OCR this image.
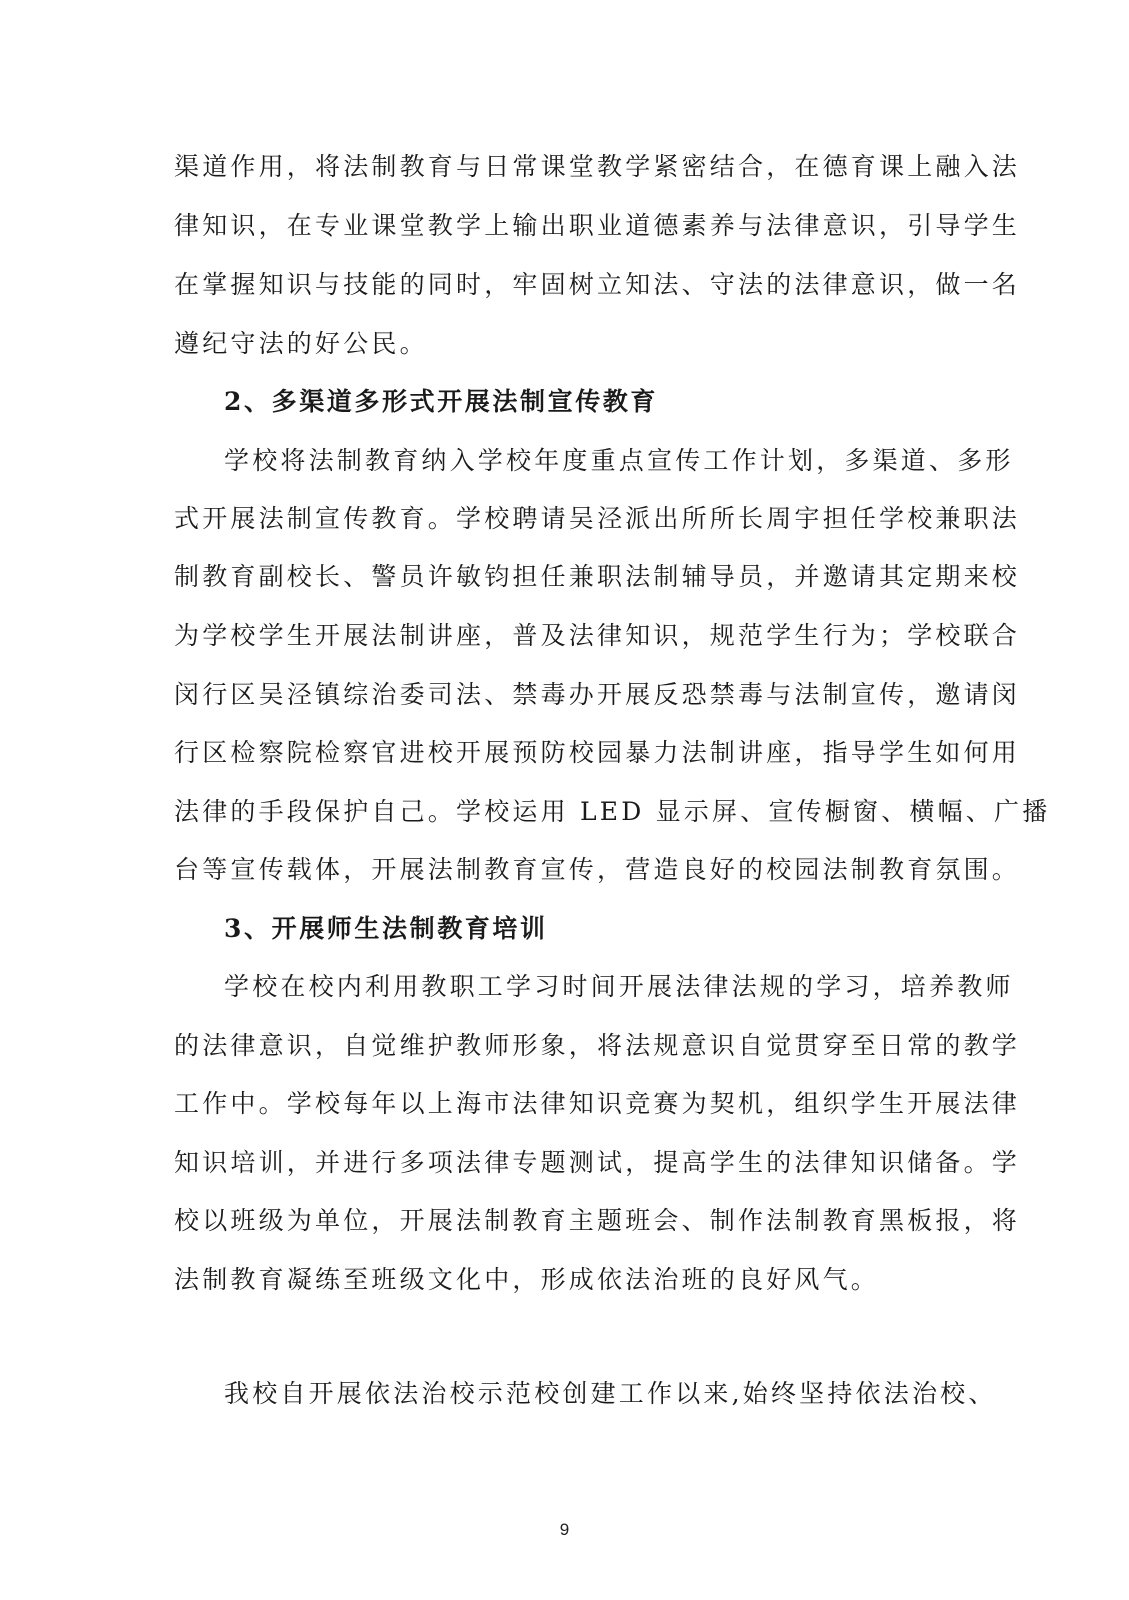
渠道作用，将法制教育与日常课堂教学紧密结合，在德育课上融入法
律知识，在专业课堂教学上输出职业道德素养与法律意识，引导学生
在掌握知识与技能的同时，牢固树立知法、守法的法律意识，做一名
遵纪守法的好公民。
2、多渠道多形式开展法制宣传教育
学校将法制教育纳入学校年度重点宣传工作计划，多渠道、多形
式开展法制宣传教育。学校聘请吴泾派出所所长周宇担任学校兼职法
制教育副校长、警员许敏钧担任兼职法制辅导员，并邀请其定期来校
为学校学生开展法制讲座，普及法律知识，规范学生行为；学校联合
闵行区吴泾镇综治委司法、禁毒办开展反恐禁毒与法制宣传，邀请闵
行区检察院检察官进校开展预防校园暴力法制讲座，指导学生如何用
法律的手段保护自己。学校运用 LED 显示屏、宣传橱窗、横幅、广播
台等宣传载体，开展法制教育宣传，营造良好的校园法制教育氛围。
3、开展师生法制教育培训
学校在校内利用教职工学习时间开展法律法规的学习，培养教师
的法律意识，自觉维护教师形象，将法规意识自觉贯穿至日常的教学
工作中。学校每年以上海市法律知识竞赛为契机，组织学生开展法律
知识培训，并进行多项法律专题测试，提高学生的法律知识储备。学
校以班级为单位，开展法制教育主题班会、制作法制教育黑板报，将
法制教育凝练至班级文化中，形成依法治班的良好风气。
我校自开展依法治校示范校创建工作以来,始终坚持依法治校、
9
